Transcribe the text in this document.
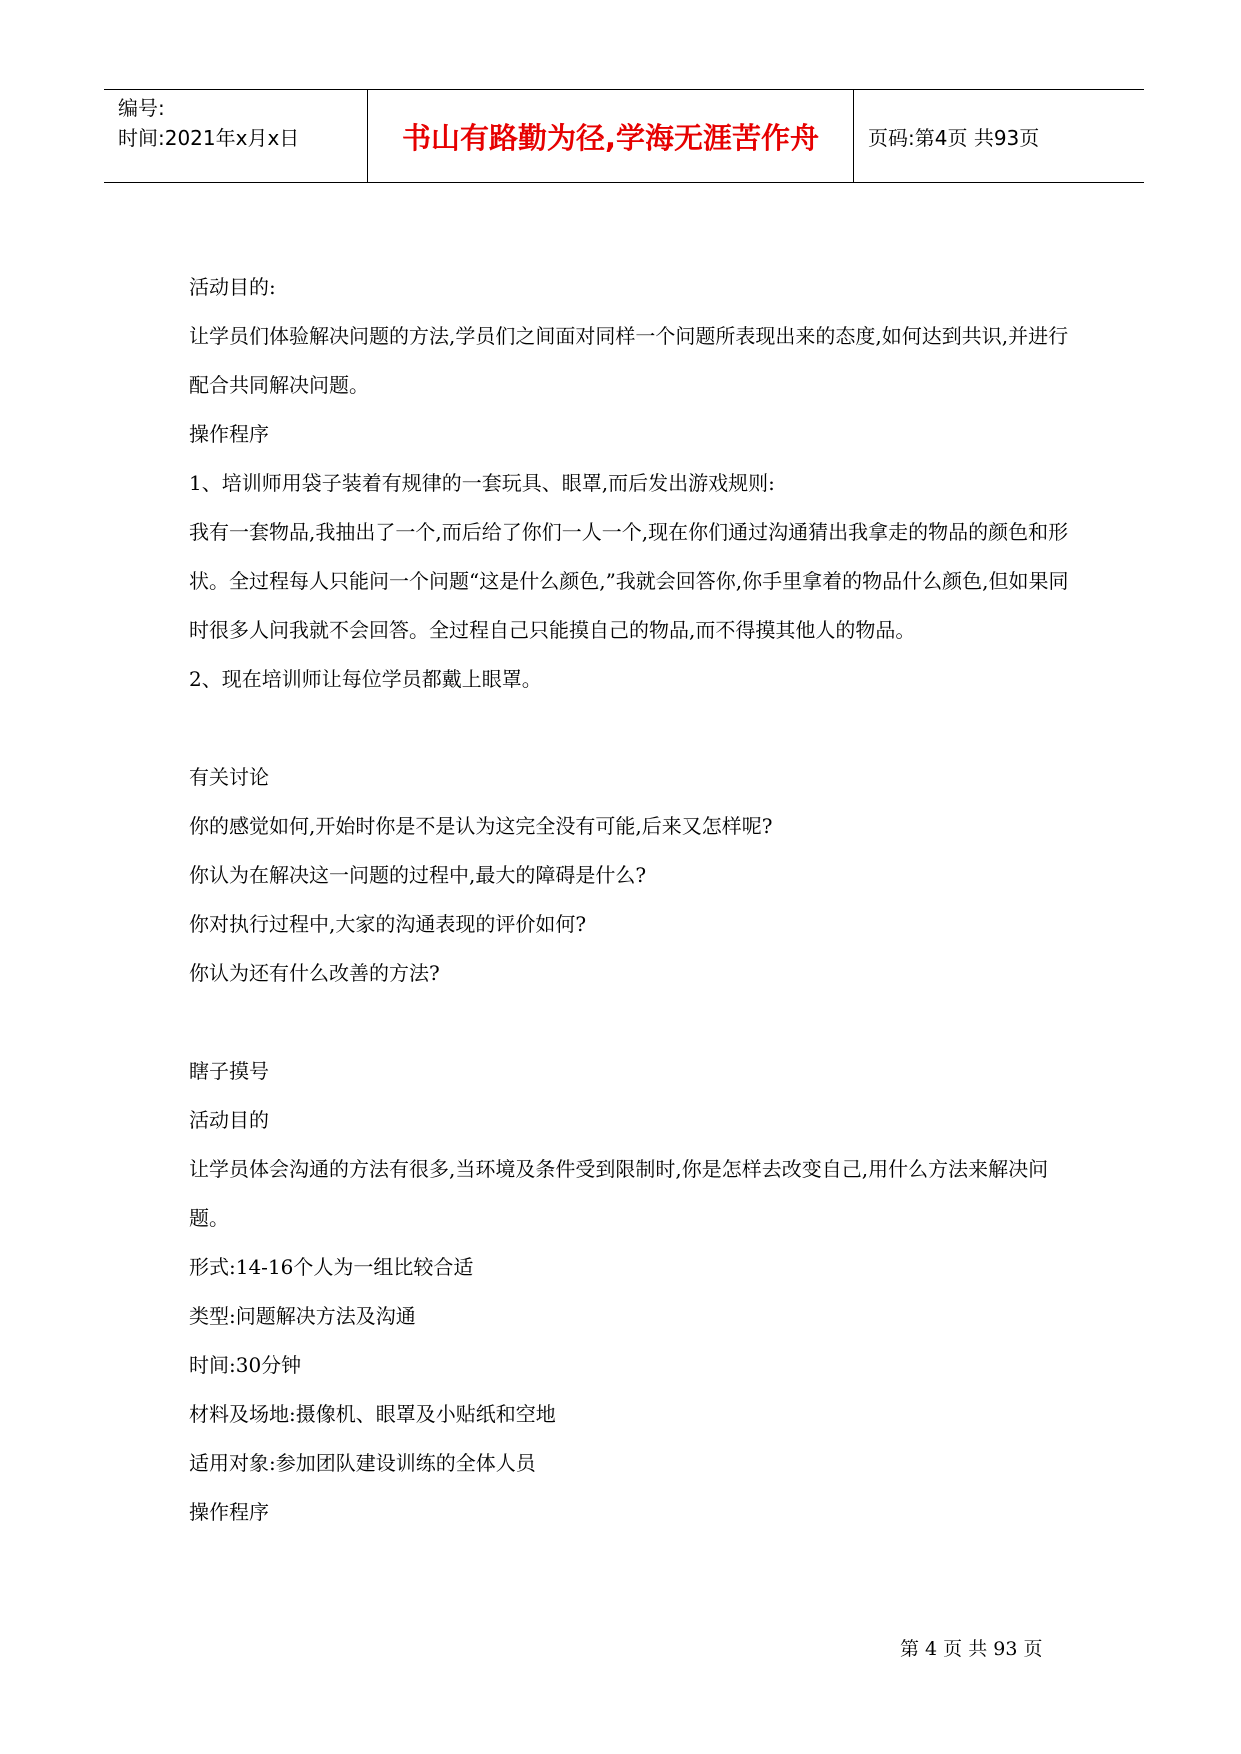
编号:
时间:2021年x月x日	书山有路勤为径,学海无涯苦作舟	页码:第4页 共93页

活动目的:

让学员们体验解决问题的方法,学员们之间面对同样一个问题所表现出来的态度,如何达到共识,并进行配合共同解决问题。

操作程序

1、培训师用袋子装着有规律的一套玩具、眼罩,而后发出游戏规则:

我有一套物品,我抽出了一个,而后给了你们一人一个,现在你们通过沟通猜出我拿走的物品的颜色和形状。全过程每人只能问一个问题“这是什么颜色,”我就会回答你,你手里拿着的物品什么颜色,但如果同时很多人问我就不会回答。全过程自己只能摸自己的物品,而不得摸其他人的物品。

2、现在培训师让每位学员都戴上眼罩。

有关讨论

你的感觉如何,开始时你是不是认为这完全没有可能,后来又怎样呢?

你认为在解决这一问题的过程中,最大的障碍是什么?

你对执行过程中,大家的沟通表现的评价如何?

你认为还有什么改善的方法?

瞎子摸号

活动目的

让学员体会沟通的方法有很多,当环境及条件受到限制时,你是怎样去改变自己,用什么方法来解决问题。

形式:14-16个人为一组比较合适

类型:问题解决方法及沟通

时间:30分钟

材料及场地:摄像机、眼罩及小贴纸和空地

适用对象:参加团队建设训练的全体人员

操作程序

第 4 页 共 93 页
